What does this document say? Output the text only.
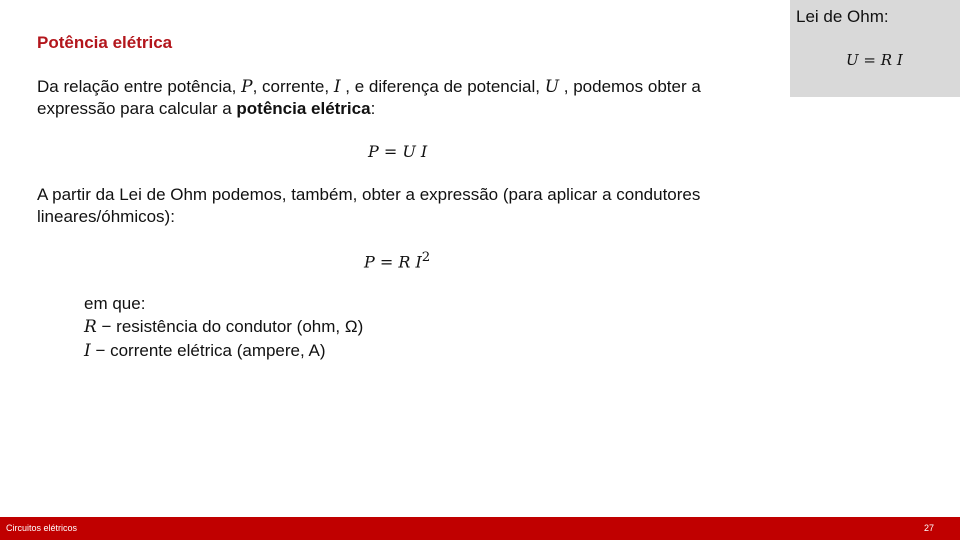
Potência elétrica
Da relação entre potência, P, corrente, I , e diferença de potencial, U , podemos obter a expressão para calcular a potência elétrica:
P = U I
A partir da Lei de Ohm podemos, também, obter a expressão (para aplicar a condutores lineares/óhmicos):
P = R $I^2$
em que:
R − resistência do condutor (ohm, Ω)
I − corrente elétrica (ampere, A)
Lei de Ohm:
U = R I
Circuitos elétricos	27
